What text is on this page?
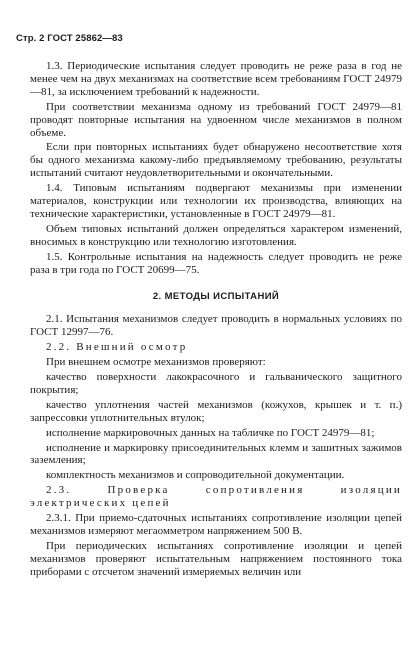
Стр. 2 ГОСТ 25862—83

1.3. Периодические испытания следует проводить не реже раза в год не менее чем на двух механизмах на соответствие всем требованиям ГОСТ 24979—81, за исключением требований к надежности.

При соответствии механизма одному из требований ГОСТ 24979—81 проводят повторные испытания на удвоенном числе механизмов в полном объеме.

Если при повторных испытаниях будет обнаружено несоответствие хотя бы одного механизма какому-либо предъявляемому требованию, результаты испытаний считают неудовлетворительными и окончательными.

1.4. Типовым испытаниям подвергают механизмы при изменении материалов, конструкции или технологии их производства, влияющих на технические характеристики, установленные в ГОСТ 24979—81.

Объем типовых испытаний должен определяться характером изменений, вносимых в конструкцию или технологию изготовления.

1.5. Контрольные испытания на надежность следует проводить не реже раза в три года по ГОСТ 20699—75.

2. МЕТОДЫ ИСПЫТАНИЙ

2.1. Испытания механизмов следует проводить в нормальных условиях по ГОСТ 12997—76.

2.2. Внешний осмотр

При внешнем осмотре механизмов проверяют:

качество поверхности лакокрасочного и гальванического защитного покрытия;

качество уплотнения частей механизмов (кожухов, крышек и т. п.) запрессовки уплотнительных втулок;

исполнение маркировочных данных на табличке по ГОСТ 24979—81;

исполнение и маркировку присоединительных клемм и зашитных зажимов заземления;

комплектность механизмов и сопроводительной документации.

2.3. Проверка сопротивления изоляции электрических цепей

2.3.1. При приемо-сдаточных испытаниях сопротивление изоляции цепей механизмов измеряют мегаомметром напряжением 500 В.

При периодических испытаниях сопротивление изоляции и цепей механизмов проверяют испытательным напряжением постоянного тока приборами с отсчетом значений измеряемых величин или
